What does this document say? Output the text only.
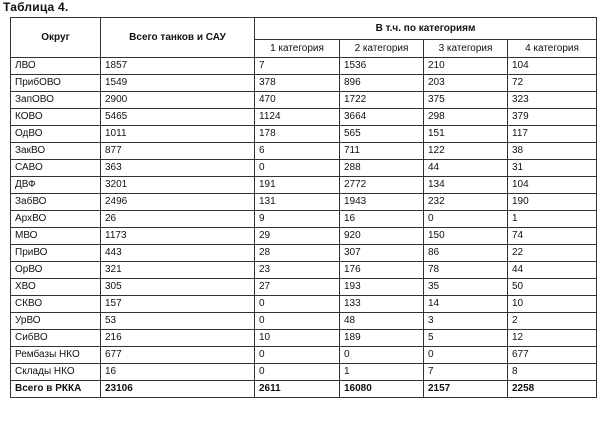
Таблица 4.
Округ	Всего танков и САУ	В т.ч. по категориям			
		1 категория	2 категория	3 категория	4 категория
ЛВО	1857	7	1536	210	104
ПрибОВО	1549	378	896	203	72
ЗапОВО	2900	470	1722	375	323
КОВО	5465	1124	3664	298	379
ОдВО	1011	178	565	151	117
ЗакВО	877	6	711	122	38
САВО	363	0	288	44	31
ДВФ	3201	191	2772	134	104
ЗабВО	2496	131	1943	232	190
АрхВО	26	9	16	0	1
МВО	1173	29	920	150	74
ПриВО	443	28	307	86	22
ОрВО	321	23	176	78	44
ХВО	305	27	193	35	50
СКВО	157	0	133	14	10
УрВО	53	0	48	3	2
СибВО	216	10	189	5	12
Рембазы НКО	677	0	0	0	677
Склады НКО	16	0	1	7	8
Всего в РККА	23106	2611	16080	2157	2258
